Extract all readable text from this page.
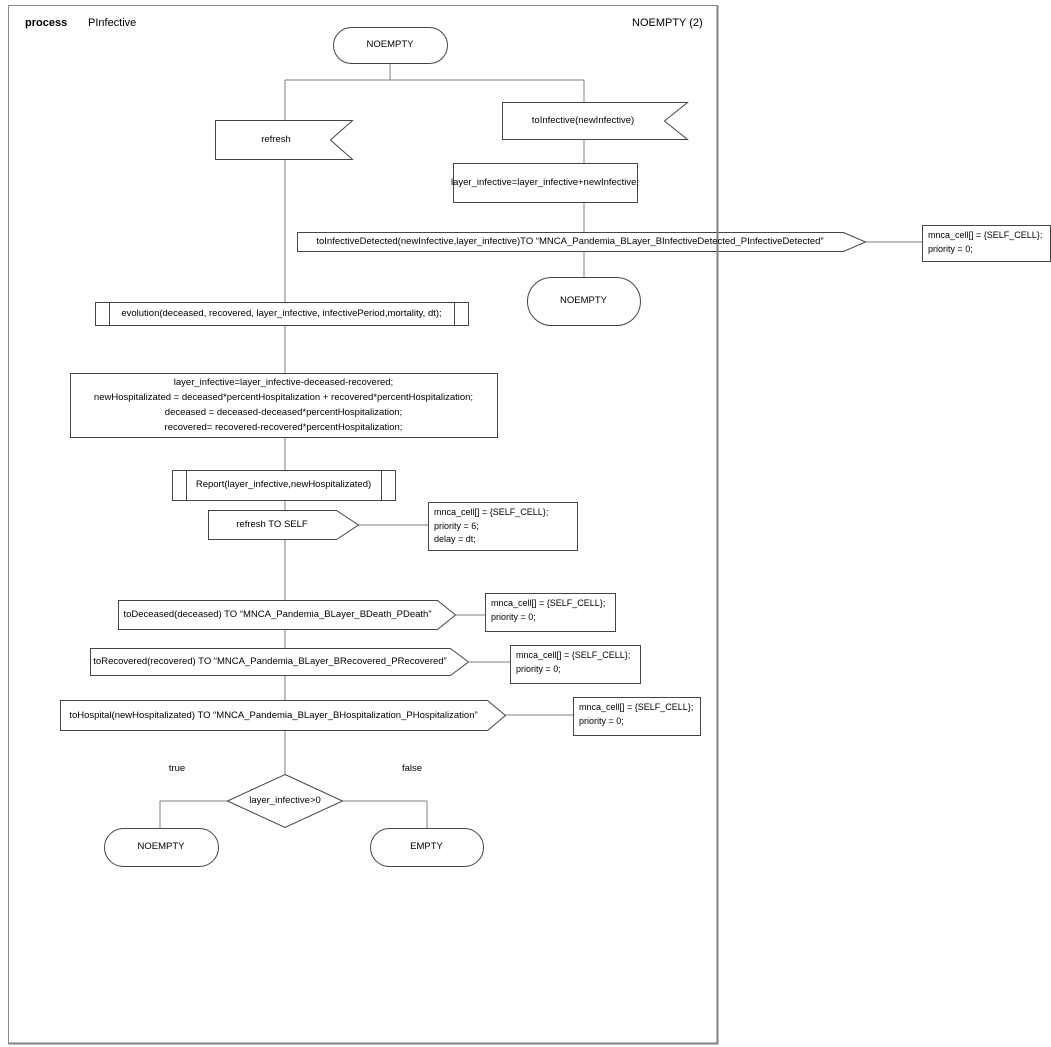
process PInfective	NOEMPTY (2)
NOEMPTY
refresh
toInfective(newInfective)
layer_infective=layer_infective+newInfective;
toInfectiveDetected(newInfective,layer_infective)TO “MNCA_Pandemia_BLayer_BInfectiveDetected_PInfectiveDetected”
NOEMPTY
evolution(deceased, recovered, layer_infective, infectivePeriod,mortality, dt);
layer_infective=layer_infective-deceased-recovered;
newHospitalizated = deceased*percentHospitalization + recovered*percentHospitalization;
deceased = deceased-deceased*percentHospitalization;
recovered= recovered-recovered*percentHospitalization;
Report(layer_infective,newHospitalizated)
refresh TO SELF
toDeceased(deceased) TO “MNCA_Pandemia_BLayer_BDeath_PDeath”
toRecovered(recovered) TO “MNCA_Pandemia_BLayer_BRecovered_PRecovered”
toHospital(newHospitalizated) TO “MNCA_Pandemia_BLayer_BHospitalization_PHospitalization”
layer_infective>0
true	false
NOEMPTY	EMPTY
mnca_cell[] = {SELF_CELL};
priority = 0;
mnca_cell[] = {SELF_CELL};
priority = 6;
delay = dt;
mnca_cell[] = {SELF_CELL};
priority = 0;
mnca_cell[] = {SELF_CELL};
priority = 0;
mnca_cell[] = {SELF_CELL};
priority = 0;
